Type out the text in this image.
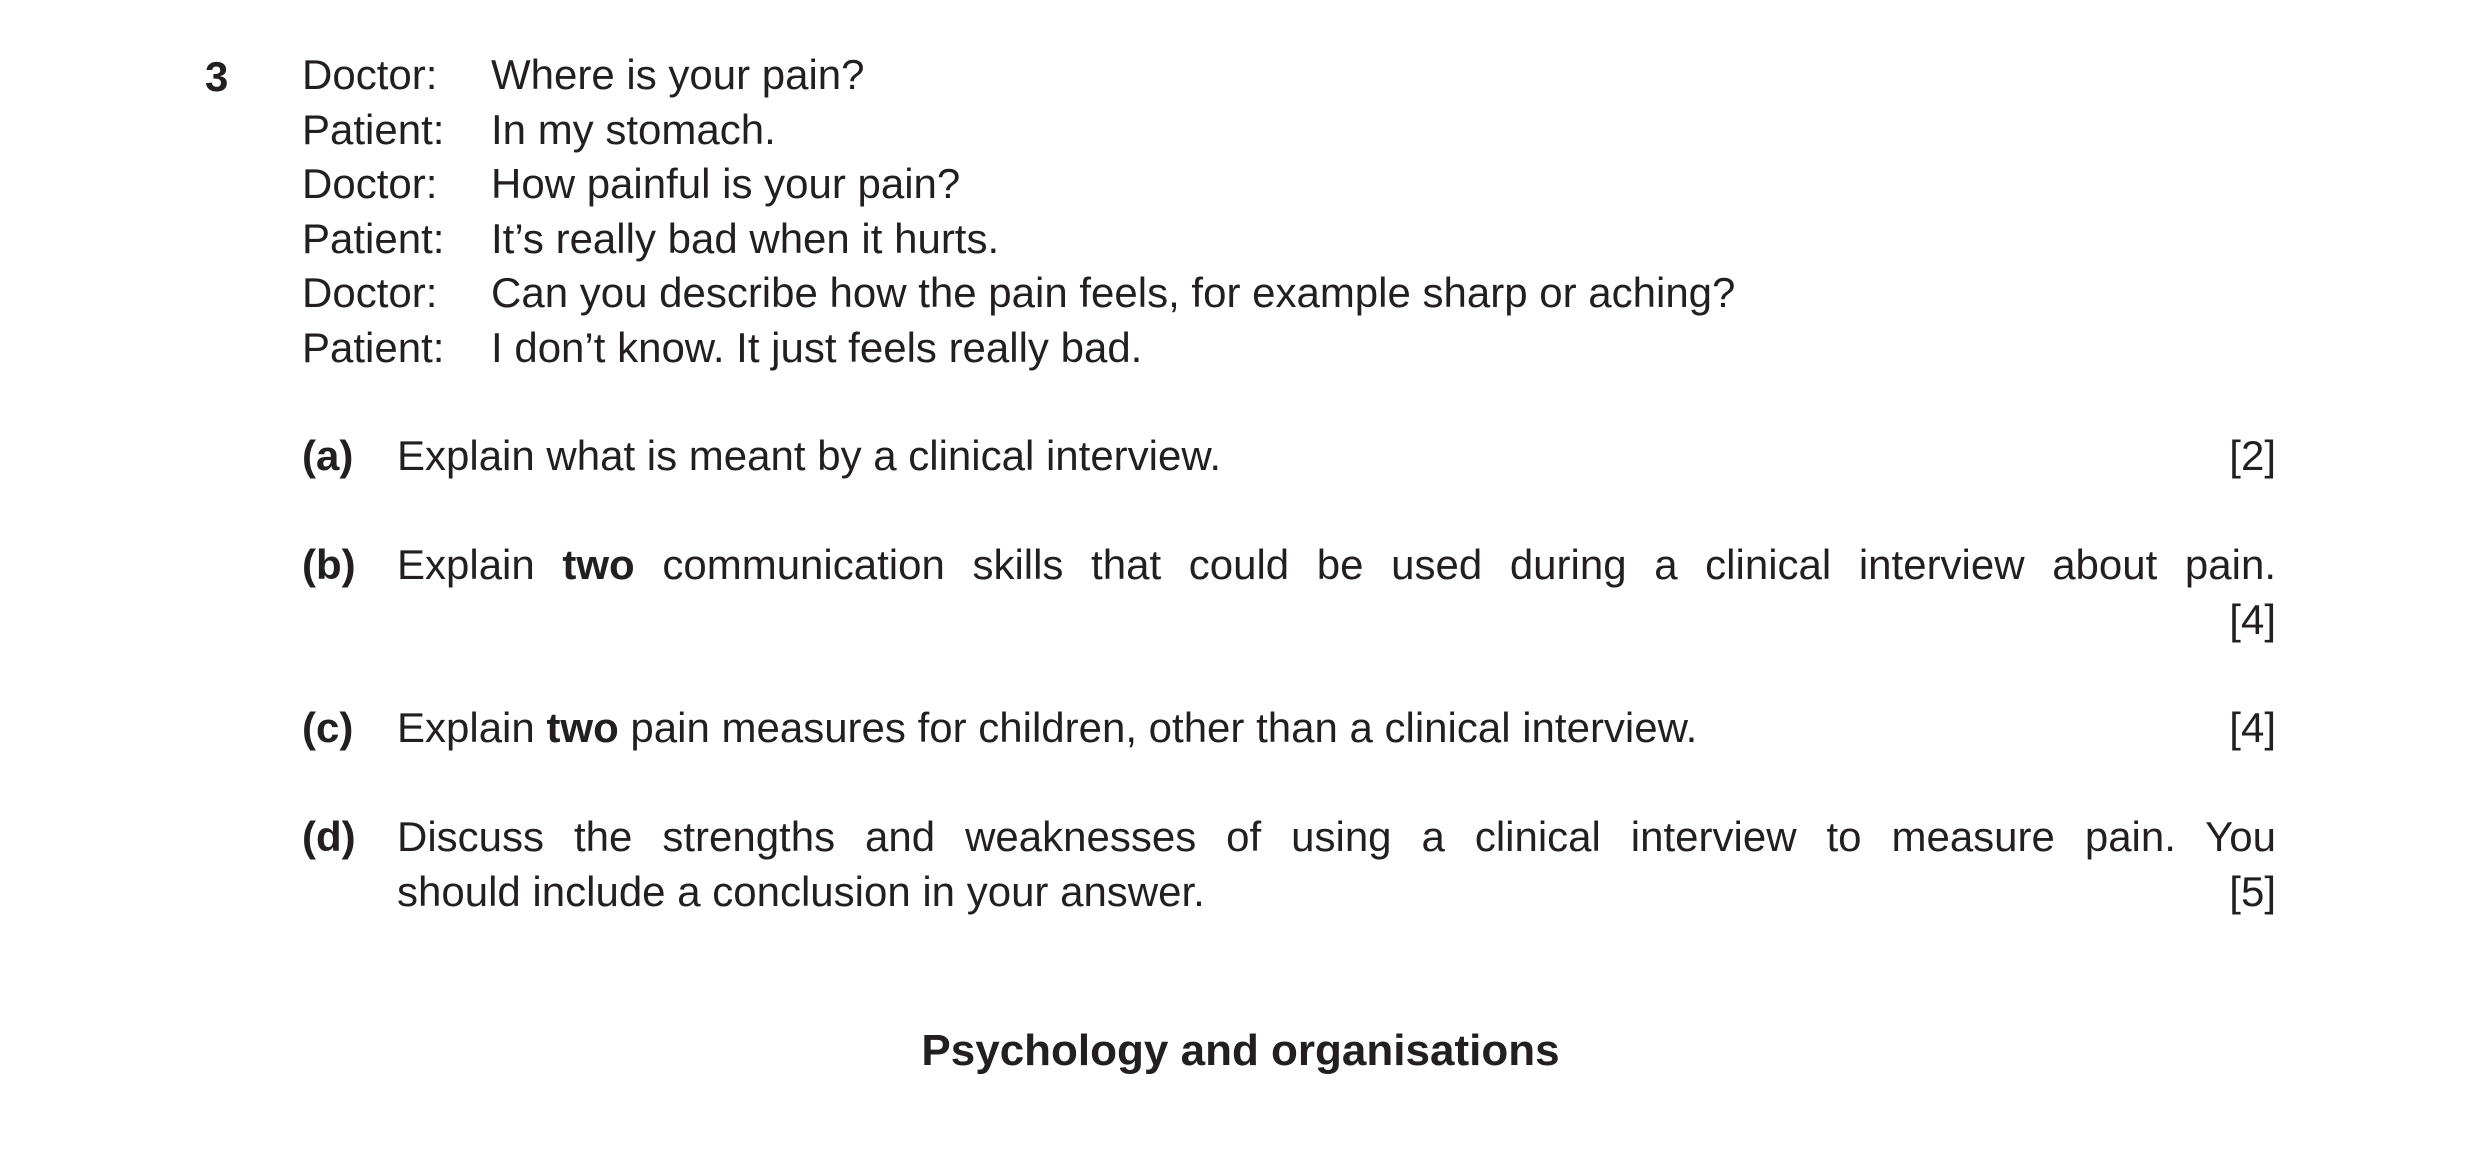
3 Doctor:	Where is your pain?
Patient:	In my stomach.
Doctor:	How painful is your pain?
Patient:	It’s really bad when it hurts.
Doctor:	Can you describe how the pain feels, for example sharp or aching?
Patient:	I don’t know. It just feels really bad.
(a) Explain what is meant by a clinical interview.	[2]
(b) Explain two communication skills that could be used during a clinical interview about pain.
[4]
(c) Explain two pain measures for children, other than a clinical interview.	[4]
(d) Discuss the strengths and weaknesses of using a clinical interview to measure pain. You
should include a conclusion in your answer.	[5]
Psychology and organisations
